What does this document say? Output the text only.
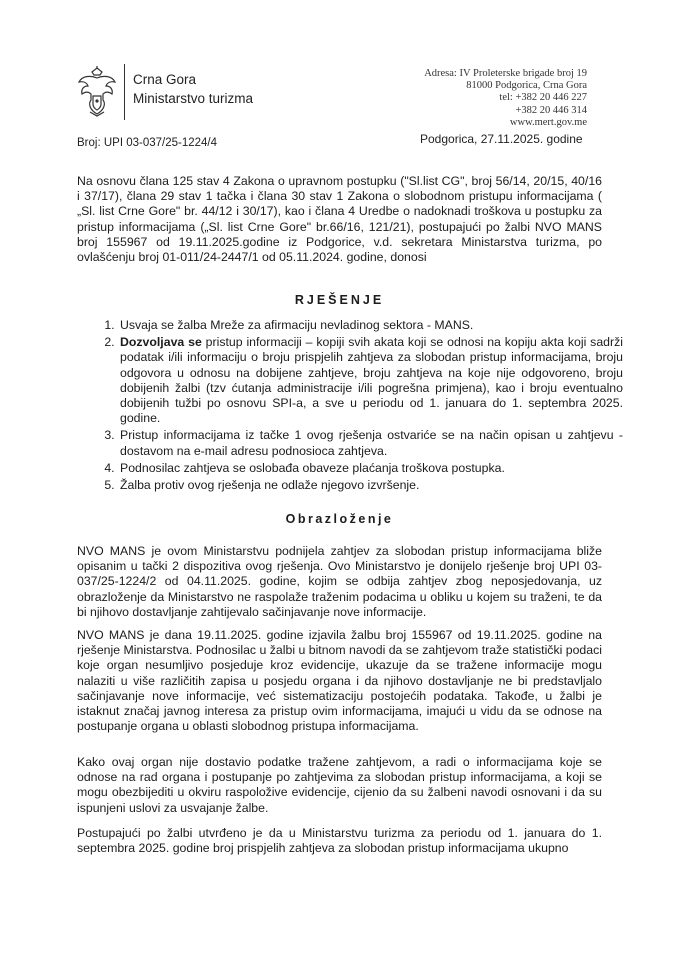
Crna Gora
Ministarstvo turizma
Adresa: IV Proleterske brigade broj 19
81000 Podgorica, Crna Gora
tel: +382 20 446 227
+382 20 446 314
www.mert.gov.me
Broj: UPI 03-037/25-1224/4	Podgorica, 27.11.2025. godine
Na osnovu člana 125 stav 4 Zakona o upravnom postupku ("Sl.list CG", broj 56/14, 20/15, 40/16 i 37/17), člana 29 stav 1 tačka i člana 30 stav 1 Zakona o slobodnom pristupu informacijama ( „Sl. list Crne Gore" br. 44/12 i 30/17), kao i člana 4 Uredbe o nadoknadi troškova u postupku za pristup informacijama („Sl. list Crne Gore" br.66/16, 121/21), postupajući po žalbi NVO MANS broj 155967 od 19.11.2025.godine iz Podgorice, v.d. sekretara Ministarstva turizma, po ovlašćenju broj 01-011/24-2447/1 od 05.11.2024. godine, donosi
RJEŠENJE
1. Usvaja se žalba Mreže za afirmaciju nevladinog sektora - MANS.
2. Dozvoljava se pristup informaciji – kopiji svih akata koji se odnosi na kopiju akta koji sadrži podatak i/ili informaciju o broju prispjelih zahtjeva za slobodan pristup informacijama, broju odgovora u odnosu na dobijene zahtjeve, broju zahtjeva na koje nije odgovoreno, broju dobijenih žalbi (tzv ćutanja administracije i/ili pogrešna primjena), kao i broju eventualno dobijenih tužbi po osnovu SPI-a, a sve u periodu od 1. januara do 1. septembra 2025. godine.
3. Pristup informacijama iz tačke 1 ovog rješenja ostvariće se na način opisan u zahtjevu - dostavom na e-mail adresu podnosioca zahtjeva.
4. Podnosilac zahtjeva se oslobađa obaveze plaćanja troškova postupka.
5. Žalba protiv ovog rješenja ne odlaže njegovo izvršenje.
Obrazloženje
NVO MANS je ovom Ministarstvu podnijela zahtjev za slobodan pristup informacijama bliže opisanim u tački 2 dispozitiva ovog rješenja. Ovo Ministarstvo je donijelo rješenje broj UPI 03-037/25-1224/2 od 04.11.2025. godine, kojim se odbija zahtjev zbog neposjedovanja, uz obrazloženje da Ministarstvo ne raspolaže traženim podacima u obliku u kojem su traženi, te da bi njihovo dostavljanje zahtijevalo sačinjavanje nove informacije.
NVO MANS je dana 19.11.2025. godine izjavila žalbu broj 155967 od 19.11.2025. godine na rješenje Ministarstva. Podnosilac u žalbi u bitnom navodi da se zahtjevom traže statistički podaci koje organ nesumljivo posjeduje kroz evidencije, ukazuje da se tražene informacije mogu nalaziti u više različitih zapisa u posjedu organa i da njihovo dostavljanje ne bi predstavljalo sačinjavanje nove informacije, već sistematizaciju postojećih podataka. Takođe, u žalbi je istaknut značaj javnog interesa za pristup ovim informacijama, imajući u vidu da se odnose na postupanje organa u oblasti slobodnog pristupa informacijama.
Kako ovaj organ nije dostavio podatke tražene zahtjevom, a radi o informacijama koje se odnose na rad organa i postupanje po zahtjevima za slobodan pristup informacijama, a koji se mogu obezbijediti u okviru raspoložive evidencije, cijenio da su žalbeni navodi osnovani i da su ispunjeni uslovi za usvajanje žalbe.
Postupajući po žalbi utvrđeno je da u Ministarstvu turizma za periodu od 1. januara do 1. septembra 2025. godine broj prispjelih zahtjeva za slobodan pristup informacijama ukupno
